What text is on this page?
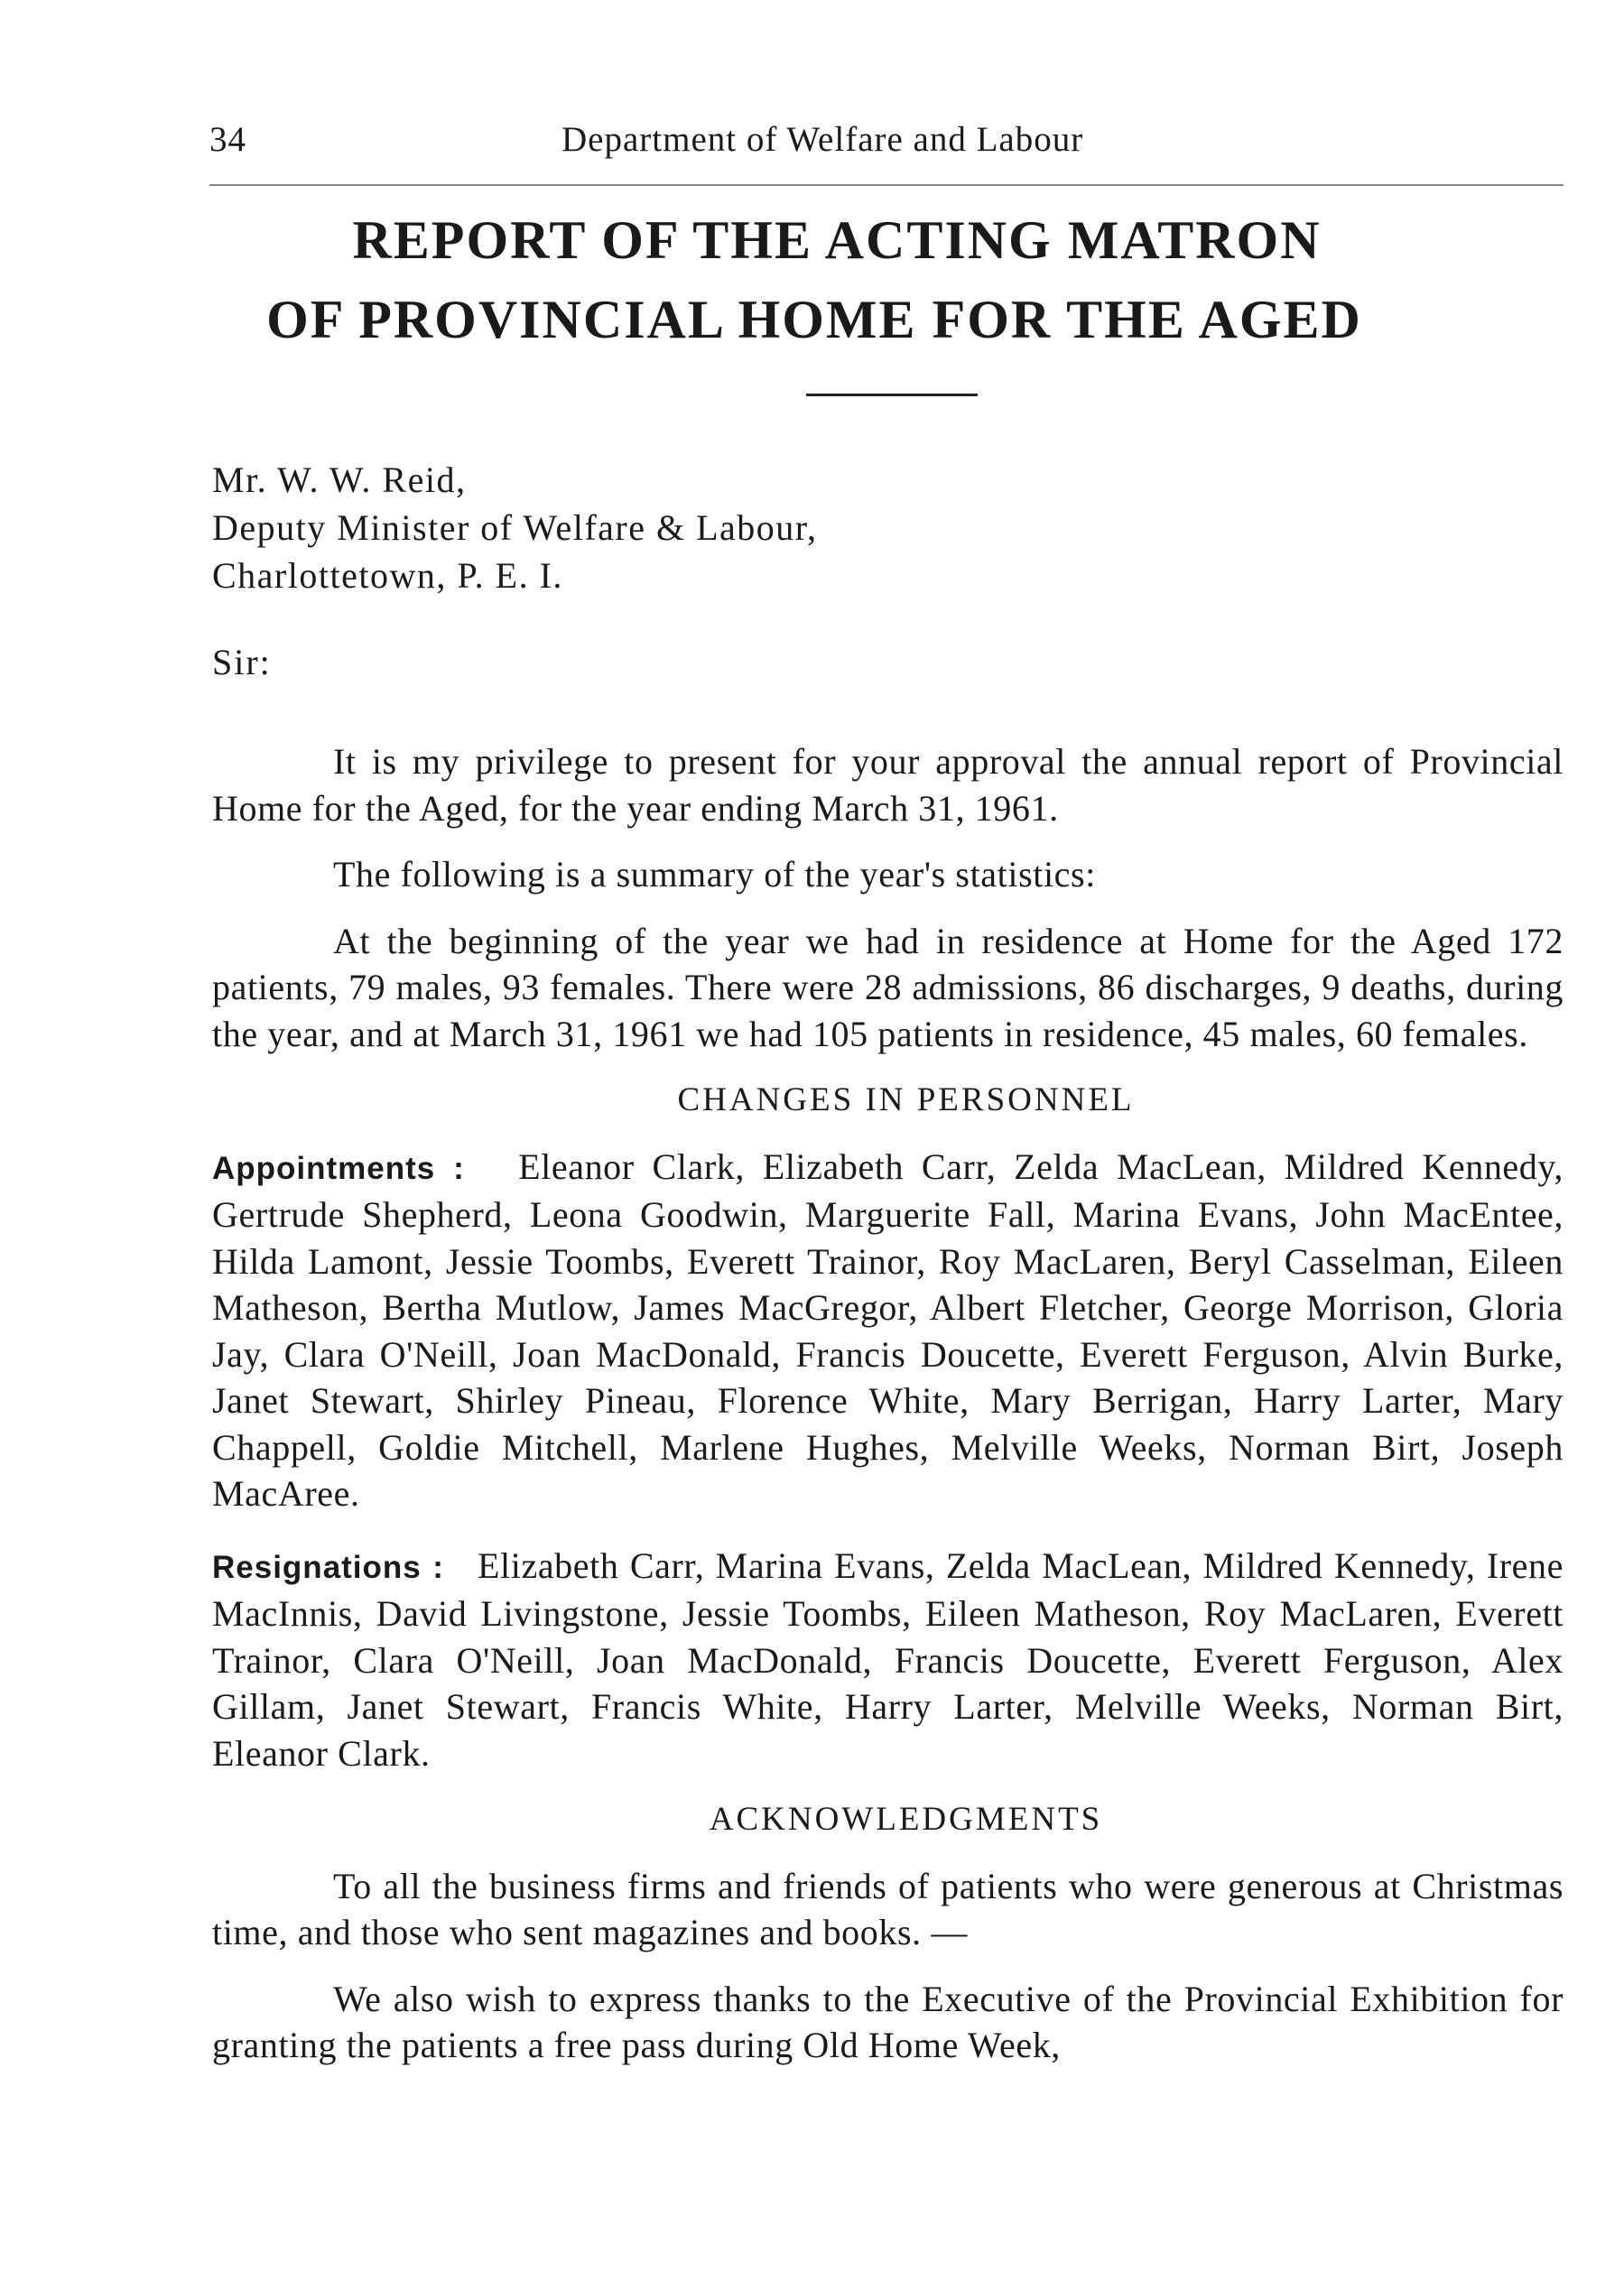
34	Department of Welfare and Labour
REPORT OF THE ACTING MATRON
OF PROVINCIAL HOME FOR THE AGED
Mr. W. W. Reid,
Deputy Minister of Welfare & Labour,
Charlottetown, P. E. I.
Sir:

It is my privilege to present for your approval the annual report of Provincial Home for the Aged, for the year ending March 31, 1961.

The following is a summary of the year's statistics:

At the beginning of the year we had in residence at Home for the Aged 172 patients, 79 males, 93 females. There were 28 admissions, 86 discharges, 9 deaths, during the year, and at March 31, 1961 we had 105 patients in residence, 45 males, 60 females.

CHANGES IN PERSONNEL

Appointments : Eleanor Clark, Elizabeth Carr, Zelda MacLean, Mildred Kennedy, Gertrude Shepherd, Leona Goodwin, Marguerite Fall, Marina Evans, John MacEntee, Hilda Lamont, Jessie Toombs, Everett Trainor, Roy MacLaren, Beryl Casselman, Eileen Matheson, Bertha Mutlow, James MacGregor, Albert Fletcher, George Morrison, Gloria Jay, Clara O'Neill, Joan MacDonald, Francis Doucette, Everett Ferguson, Alvin Burke, Janet Stewart, Shirley Pineau, Florence White, Mary Berrigan, Harry Larter, Mary Chappell, Goldie Mitchell, Marlene Hughes, Melville Weeks, Norman Birt, Joseph MacAree.

Resignations : Elizabeth Carr, Marina Evans, Zelda MacLean, Mildred Kennedy, Irene MacInnis, David Livingstone, Jessie Toombs, Eileen Matheson, Roy MacLaren, Everett Trainor, Clara O'Neill, Joan MacDonald, Francis Doucette, Everett Ferguson, Alex Gillam, Janet Stewart, Francis White, Harry Larter, Melville Weeks, Norman Birt, Eleanor Clark.

ACKNOWLEDGMENTS

To all the business firms and friends of patients who were generous at Christmas time, and those who sent magazines and books. —

We also wish to express thanks to the Executive of the Provincial Exhibition for granting the patients a free pass during Old Home Week,
